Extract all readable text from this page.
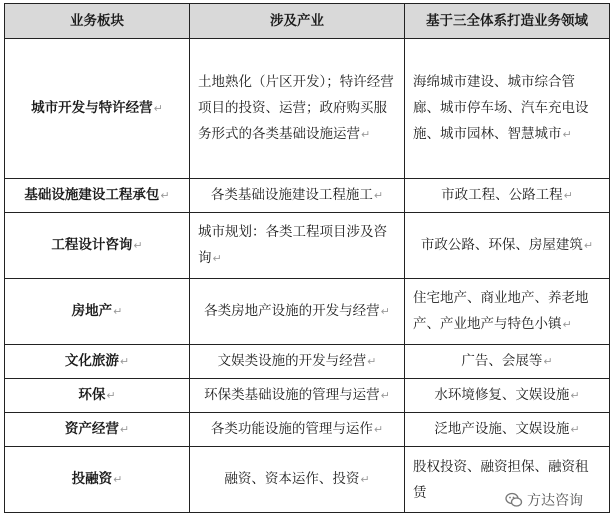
业务板块	涉及产业	基于三全体系打造业务领域
城市开发与特许经营↵	土地熟化（片区开发）；特许经营项目的投资、运营；政府购买服务形式的各类基础设施运营↵	海绵城市建设、城市综合管廊、城市停车场、汽车充电设施、城市园林、智慧城市↵
基础设施建设工程承包↵	各类基础设施建设工程施工↵	市政工程、公路工程↵
工程设计咨询↵	城市规划：各类工程项目涉及咨询↵	市政公路、环保、房屋建筑↵
房地产↵	各类房地产设施的开发与经营↵	住宅地产、商业地产、养老地产、产业地产与特色小镇↵
文化旅游↵	文娱类设施的开发与经营↵	广告、会展等↵
环保↵	环保类基础设施的管理与运营↵	水环境修复、文娱设施↵
资产经营↵	各类功能设施的管理与运作↵	泛地产设施、文娱设施↵
投融资↵	融资、资本运作、投资↵	股权投资、融资担保、融资租赁
方达咨询
